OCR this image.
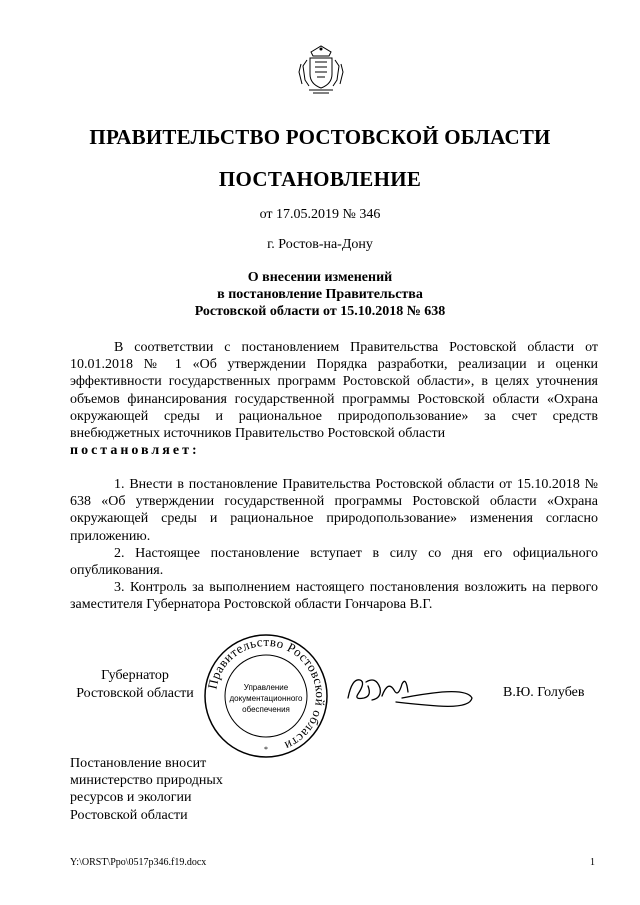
ПРАВИТЕЛЬСТВО РОСТОВСКОЙ ОБЛАСТИ
ПОСТАНОВЛЕНИЕ
от 17.05.2019 № 346
г. Ростов-на-Дону
О внесении изменений
в постановление Правительства
Ростовской области от 15.10.2018 № 638

В соответствии с постановлением Правительства Ростовской области от 10.01.2018 № 1 «Об утверждении Порядка разработки, реализации и оценки эффективности государственных программ Ростовской области», в целях уточнения объемов финансирования государственной программы Ростовской области «Охрана окружающей среды и рациональное природопользование» за счет средств внебюджетных источников Правительство Ростовской области

постановляет:

1. Внести в постановление Правительства Ростовской области от 15.10.2018 № 638 «Об утверждении государственной программы Ростовской области «Охрана окружающей среды и рациональное природопользование» изменения согласно приложению.

2. Настоящее постановление вступает в силу со дня его официального опубликования.

3. Контроль за выполнением настоящего постановления возложить на первого заместителя Губернатора Ростовской области Гончарова В.Г.

Губернатор
Ростовской области
Правительство Ростовской области
Управление
документационного
обеспечения
*
В.Ю. Голубев
Постановление вносит
министерство природных
ресурсов и экологии
Ростовской области
Y:\ORST\Ppo\0517p346.f19.docx	1
